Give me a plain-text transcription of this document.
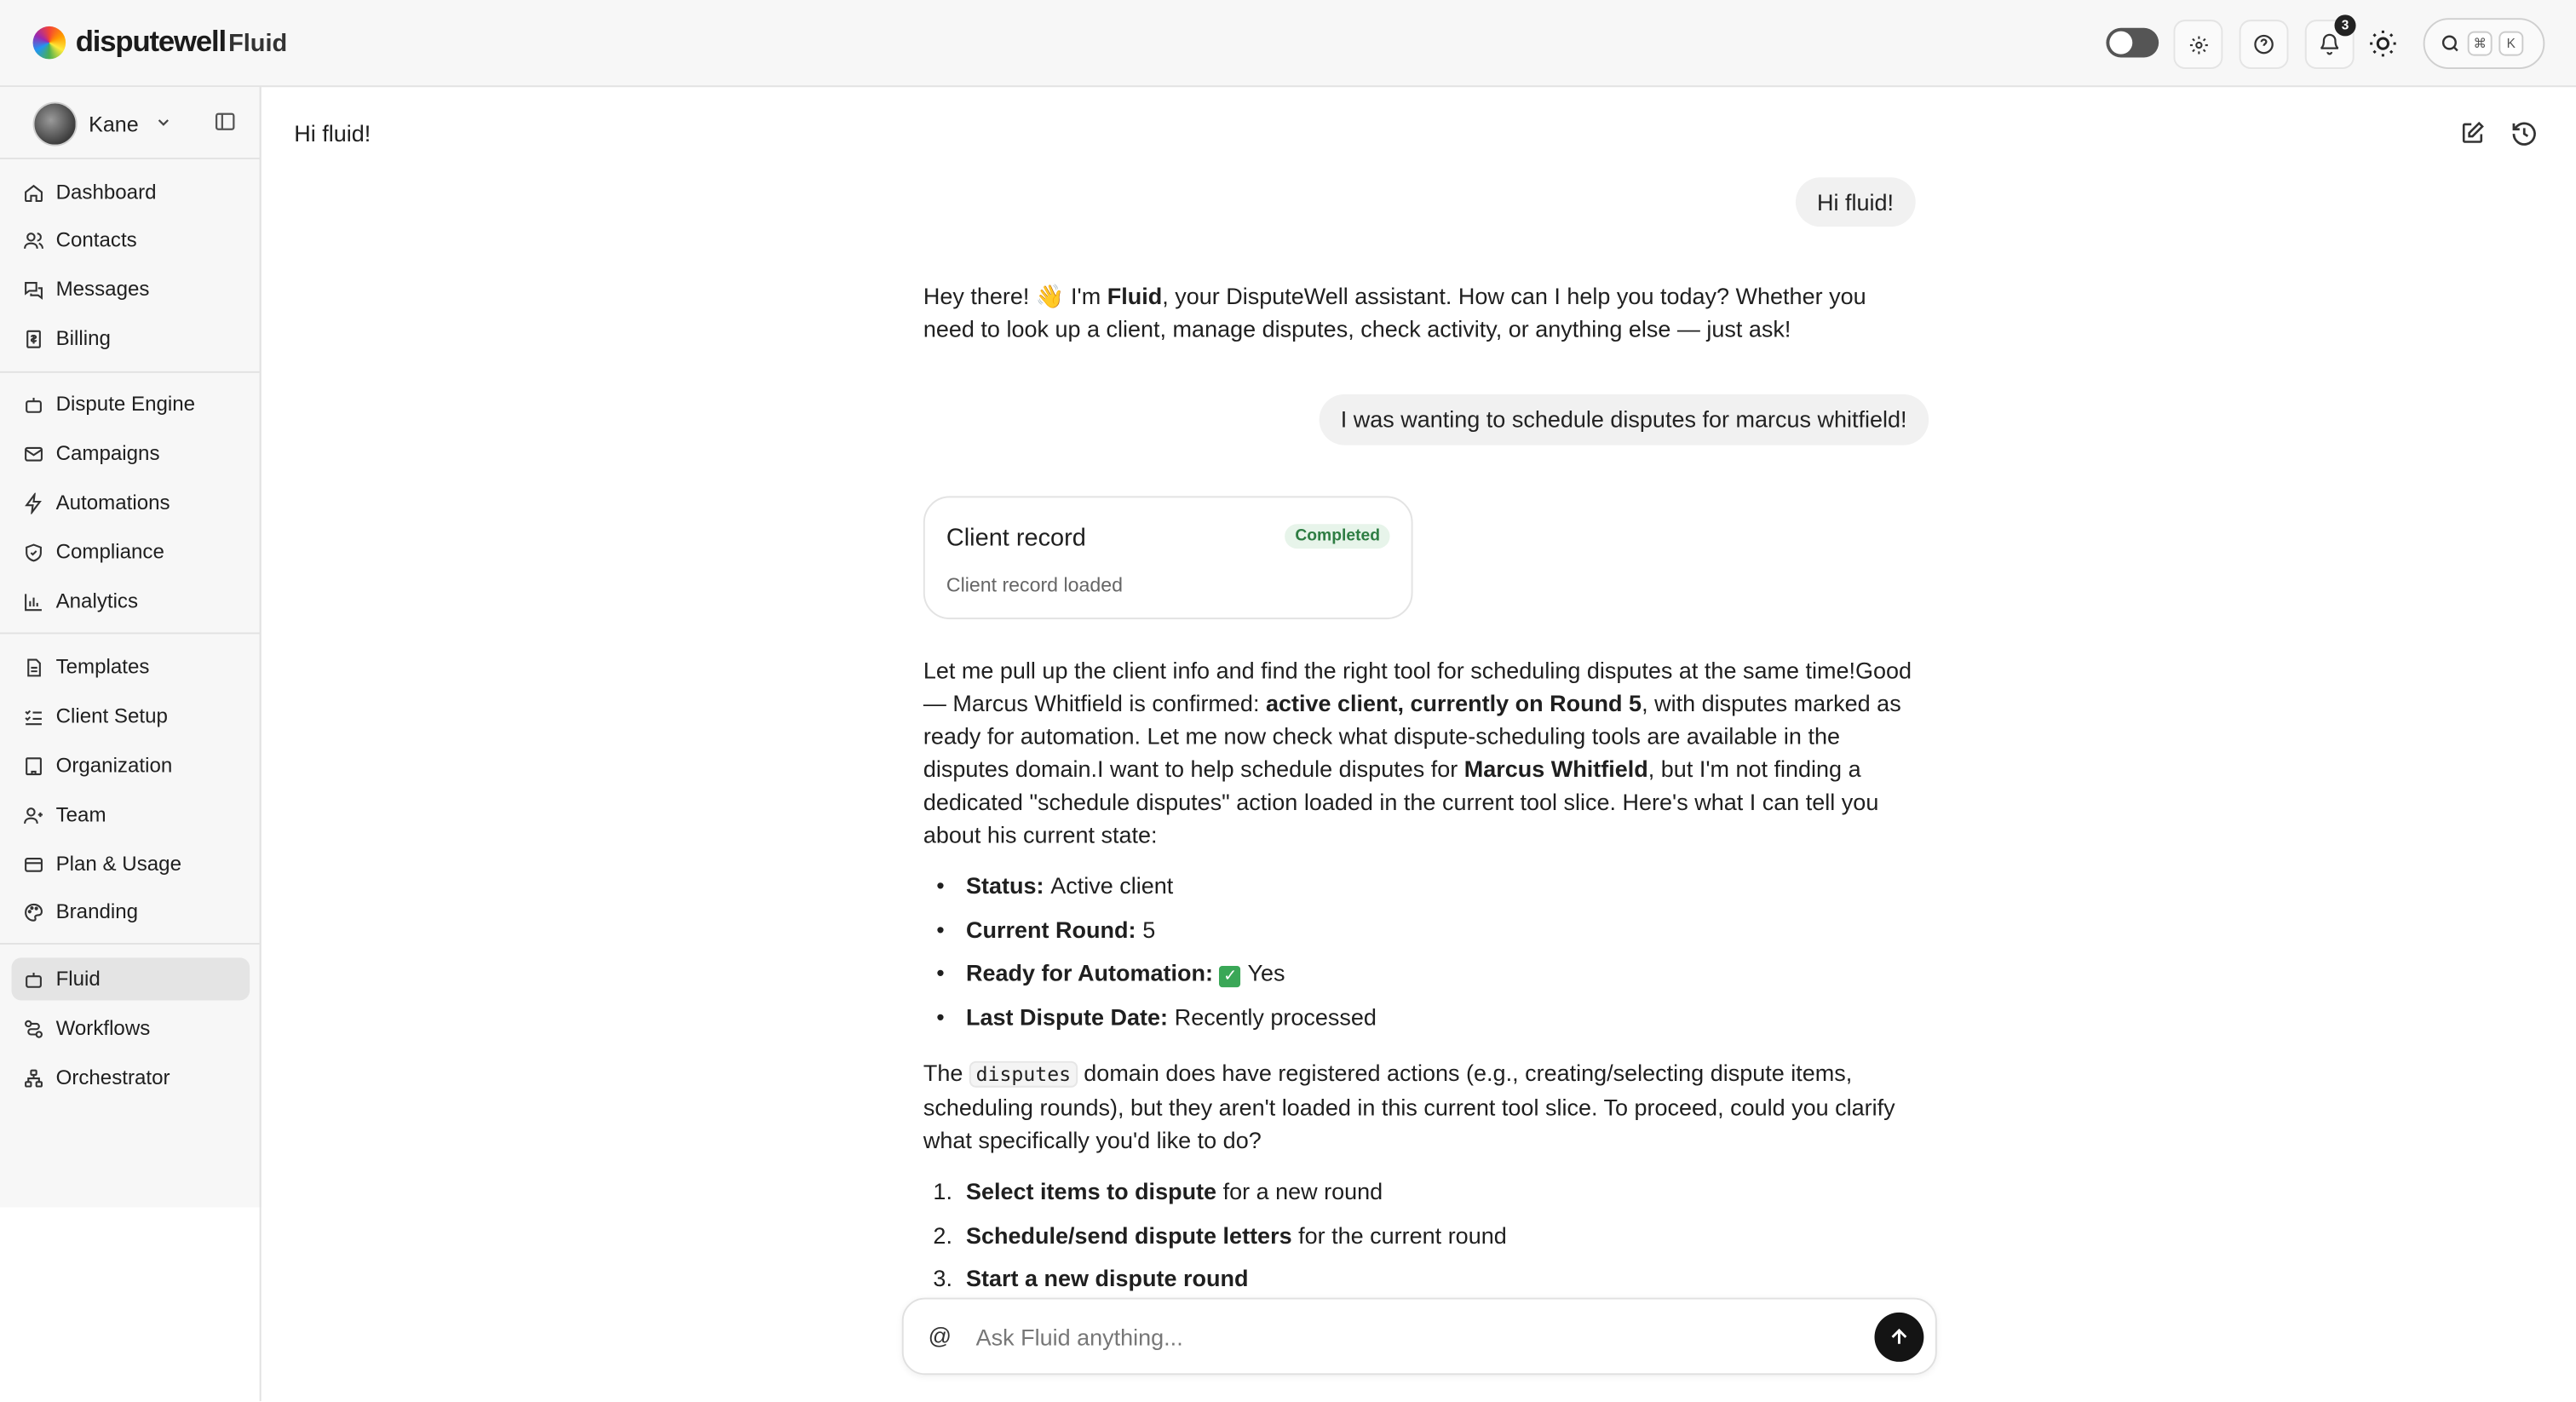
disputewell Fluid
3
⌘	K
Kane
Dashboard
Contacts
Messages
Billing
Dispute Engine
Campaigns
Automations
Compliance
Analytics
Templates
Client Setup
Organization
Team
Plan & Usage
Branding
Fluid
Workflows
Orchestrator
Hi fluid!
Hi fluid!
Hey there! 👋 I'm Fluid, your DisputeWell assistant. How can I help you today? Whether you need to look up a client, manage disputes, check activity, or anything else — just ask!
I was wanting to schedule disputes for marcus whitfield!
Client record	Completed
Client record loaded
Let me pull up the client info and find the right tool for scheduling disputes at the same time!Good — Marcus Whitfield is confirmed: active client, currently on Round 5, with disputes marked as ready for automation. Let me now check what dispute-scheduling tools are available in the disputes domain.I want to help schedule disputes for Marcus Whitfield, but I'm not finding a dedicated "schedule disputes" action loaded in the current tool slice. Here's what I can tell you about his current state:
•	Status: Active client
•	Current Round: 5
•	Ready for Automation:	✓ Yes
•	Last Dispute Date: Recently processed
The disputes domain does have registered actions (e.g., creating/selecting dispute items, scheduling rounds), but they aren't loaded in this current tool slice. To proceed, could you clarify what specifically you'd like to do?
1.	Select items to dispute for a new round
2.	Schedule/send dispute letters for the current round
3.	Start a new dispute round
@
Ask Fluid anything...
